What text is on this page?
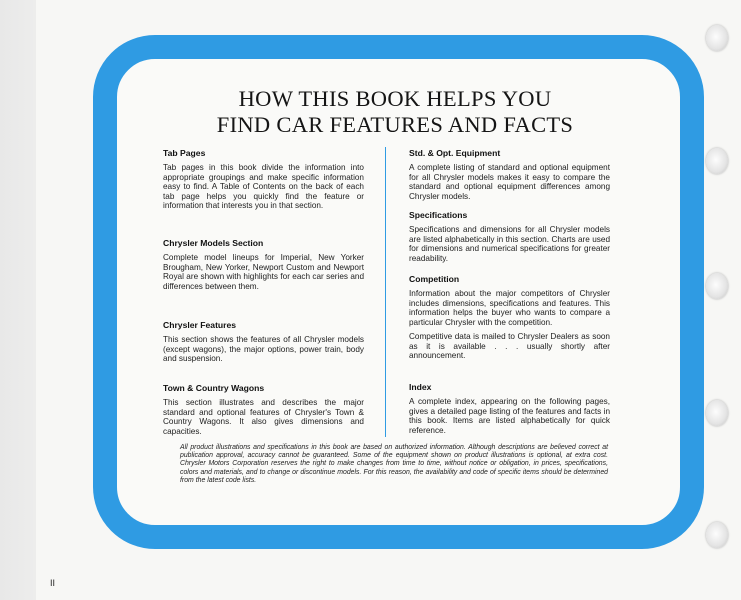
HOW THIS BOOK HELPS YOU
FIND CAR FEATURES AND FACTS
Tab Pages

Tab pages in this book divide the information into appropriate groupings and make specific information easy to find. A Table of Contents on the back of each tab page helps you quickly find the feature or information that interests you in that section.

Chrysler Models Section

Complete model lineups for Imperial, New Yorker Brougham, New Yorker, Newport Custom and Newport Royal are shown with highlights for each car series and differences between them.

Chrysler Features

This section shows the features of all Chrysler models (except wagons), the major options, power train, body and suspension.

Town & Country Wagons

This section illustrates and describes the major standard and optional features of Chrysler's Town & Country Wagons. It also gives dimensions and capacities.

Std. & Opt. Equipment

A complete listing of standard and optional equipment for all Chrysler models makes it easy to compare the standard and optional equipment differences among Chrysler models.

Specifications

Specifications and dimensions for all Chrysler models are listed alphabetically in this section. Charts are used for dimensions and numerical specifications for greater readability.

Competition

Information about the major competitors of Chrysler includes dimensions, specifications and features. This information helps the buyer who wants to compare a particular Chrysler with the competition.

Competitive data is mailed to Chrysler Dealers as soon as it is available . . . usually shortly after announcement.

Index

A complete index, appearing on the following pages, gives a detailed page listing of the features and facts in this book. Items are listed alphabetically for quick reference.

All product illustrations and specifications in this book are based on authorized information. Although descriptions are believed correct at publication approval, accuracy cannot be guaranteed. Some of the equipment shown on product illustrations is optional, at extra cost. Chrysler Motors Corporation reserves the right to make changes from time to time, without notice or obligation, in prices, specifications, colors and materials, and to change or discontinue models. For this reason, the availability and code of specific items should be determined from the latest code lists.

II
